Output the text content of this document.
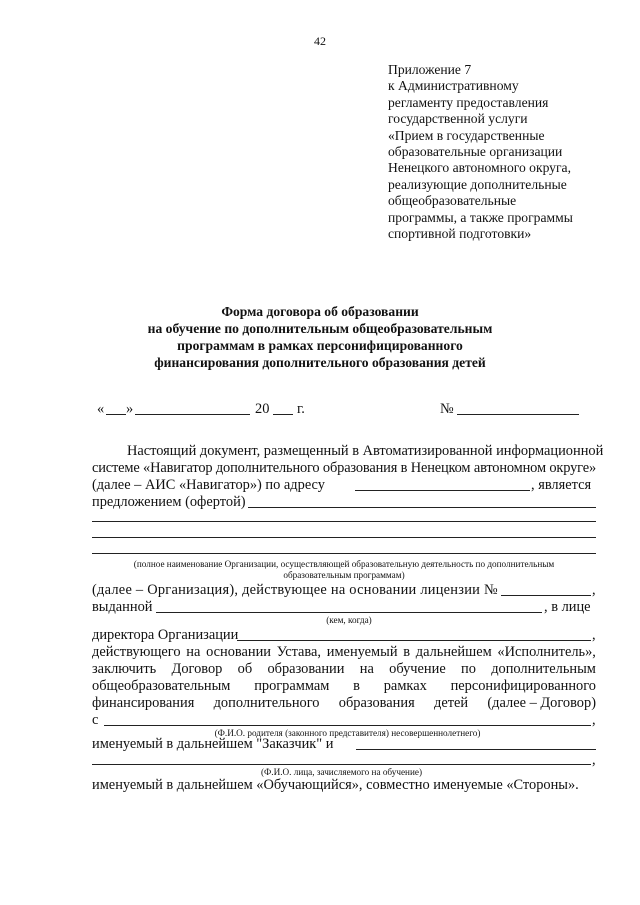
42
Приложение 7
к Административному
регламенту предоставления
государственной услуги
«Прием в государственные
образовательные организации
Ненецкого автономного округа,
реализующие дополнительные
общеобразовательные
программы, а также программы
спортивной подготовки»
Форма договора об образовании
на обучение по дополнительным общеобразовательным
программам в рамках персонифицированного
финансирования дополнительного образования детей
« »	20 г.	№
Настоящий документ, размещенный в Автоматизированной информационной
системе «Навигатор дополнительного образования в Ненецком автономном округе»
(далее – АИС «Навигатор») по адресу	, является
предложением (офертой)
(полное наименование Организации, осуществляющей образовательную деятельность по дополнительным
образовательным программам)
(далее – Организация), действующее на основании лицензии №	,
выданной	, в лице
(кем, когда)
директора Организации	,
действующего на основании Устава, именуемый в дальнейшем «Исполнитель»,
заключить Договор об образовании на обучение по дополнительным
общеобразовательным программам в рамках персонифицированного
финансирования дополнительного образования детей (далее – Договор)
с	,
(Ф.И.О. родителя (законного представителя) несовершеннолетнего)
именуемый в дальнейшем "Заказчик" и
,
(Ф.И.О. лица, зачисляемого на обучение)
именуемый в дальнейшем «Обучающийся», совместно именуемые «Стороны».
